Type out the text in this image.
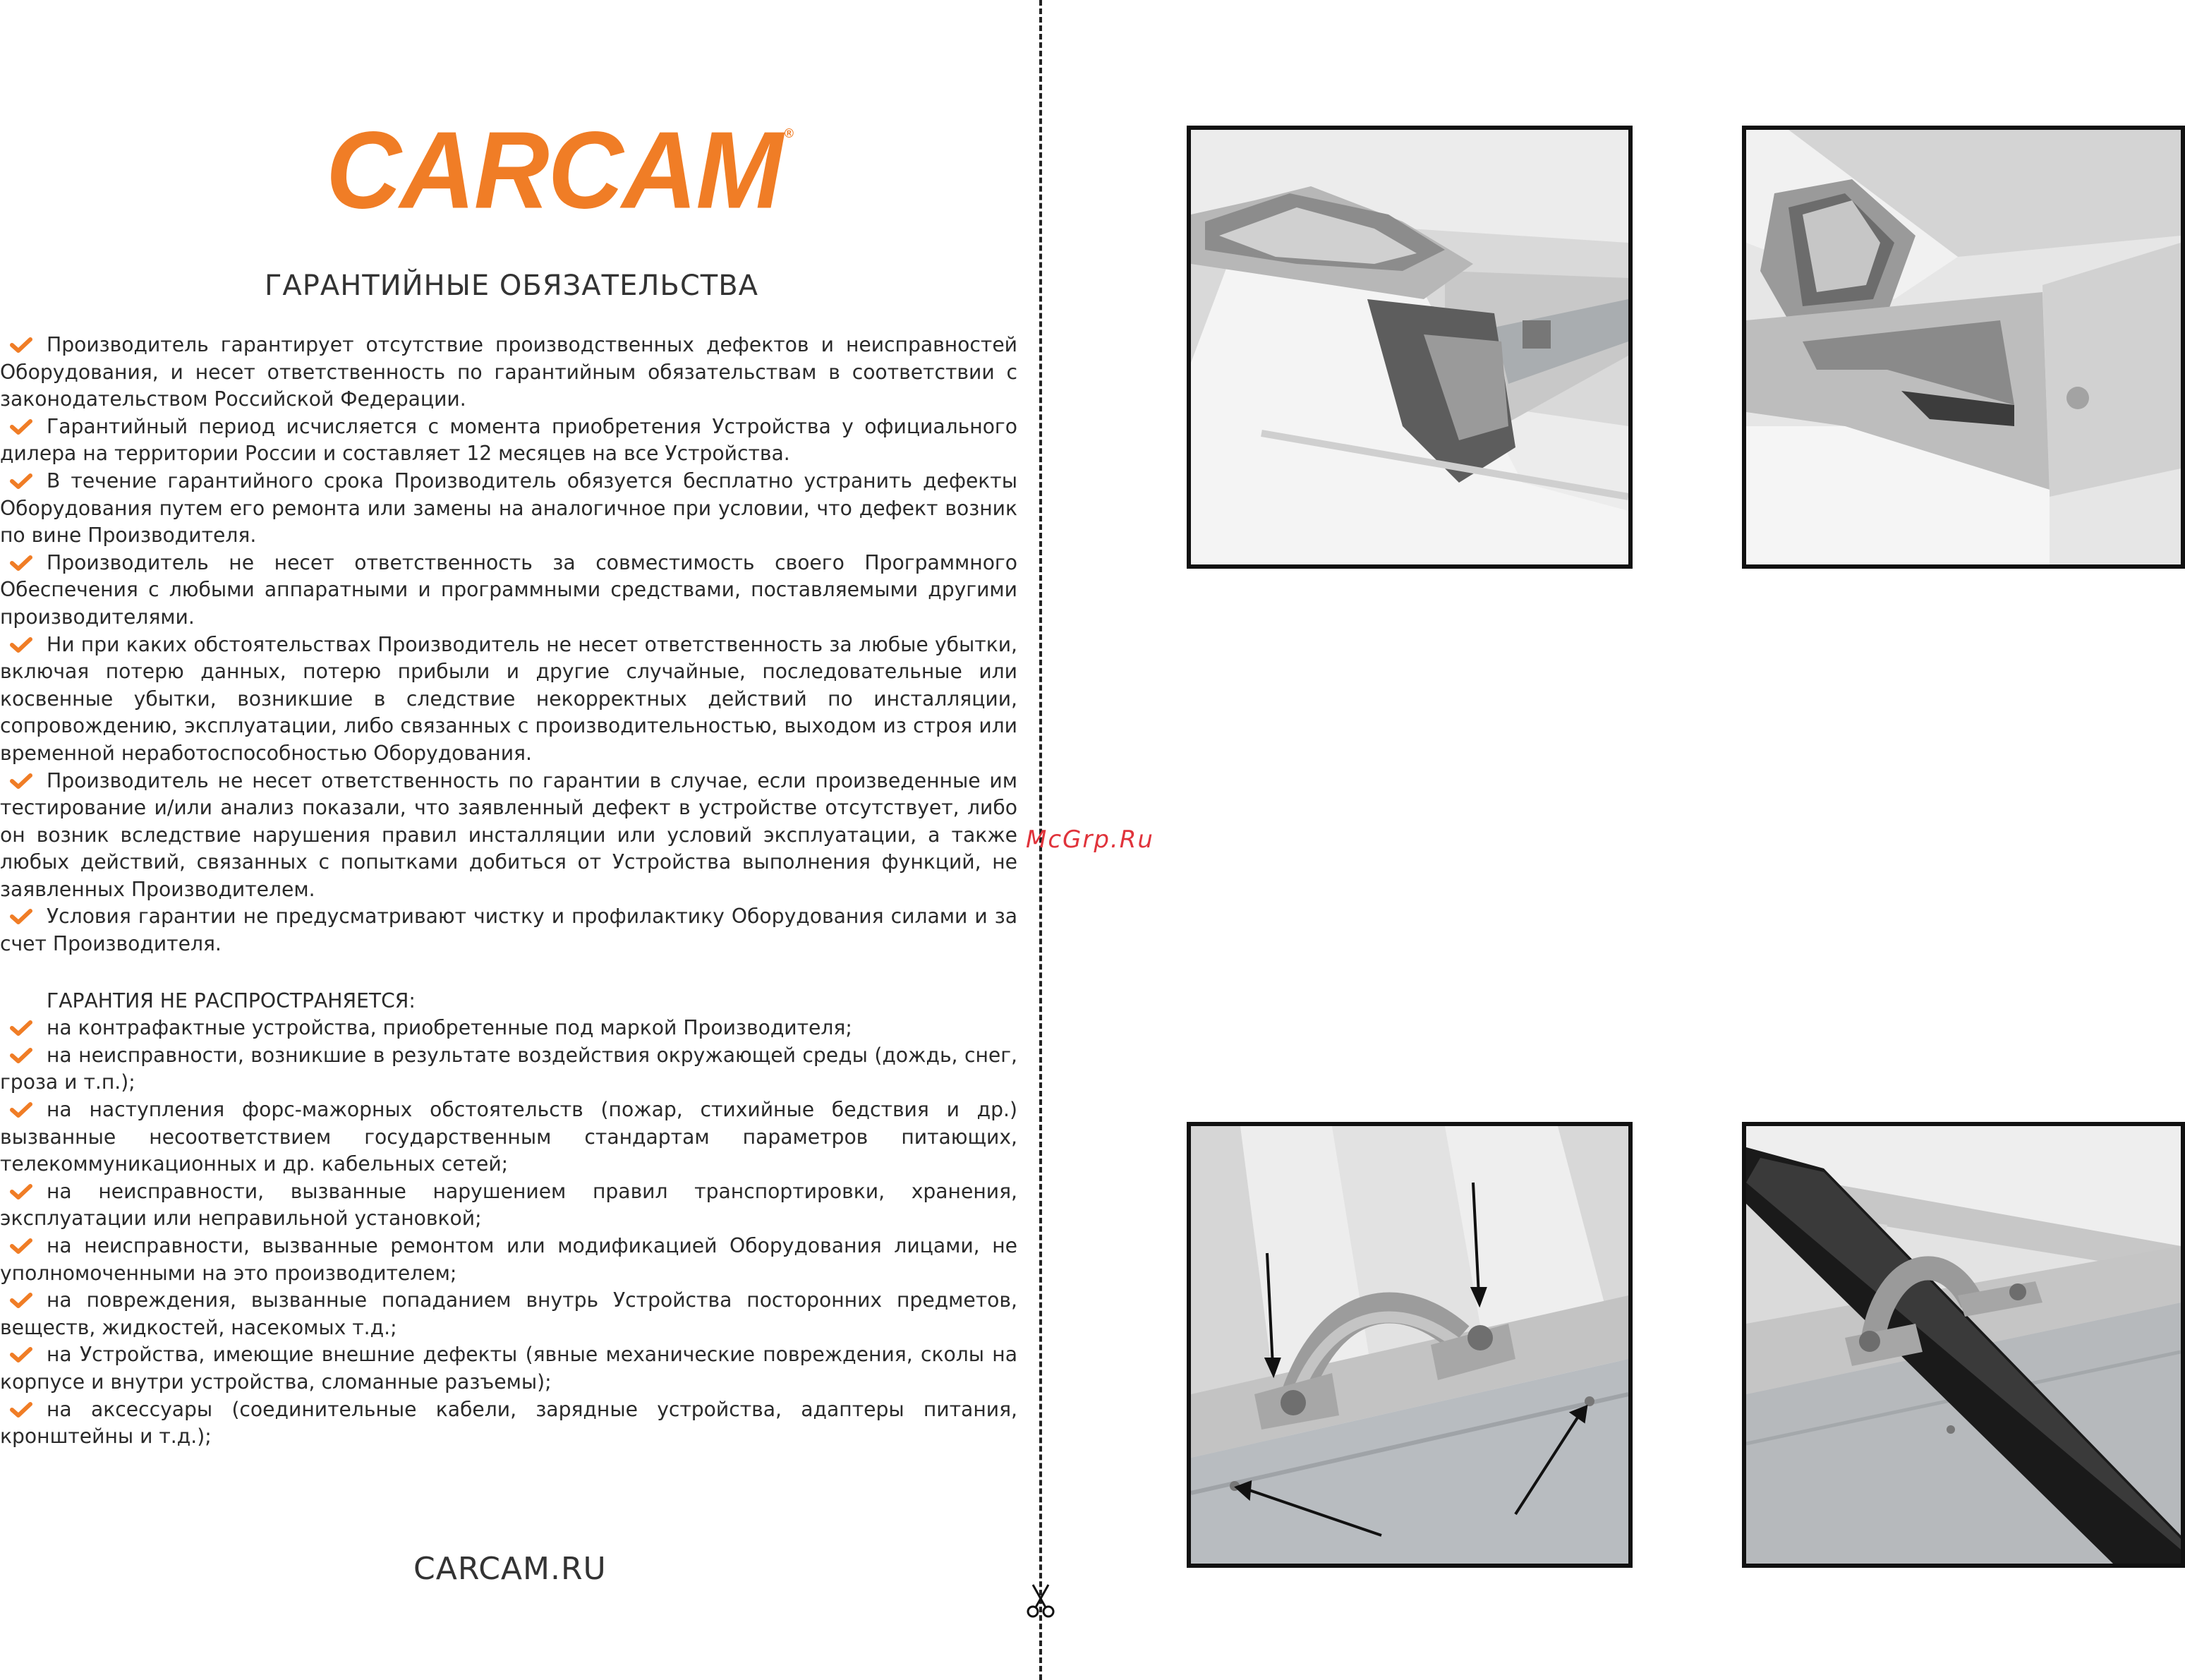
CARCAM ®
ГАРАНТИЙНЫЕ ОБЯЗАТЕЛЬСТВА

Производитель гарантирует отсутствие производственных дефектов и неисправностей Оборудования, и несет ответственность по гарантийным обязательствам в соответствии с законодательством Российской Федерации.

Гарантийный период исчисляется с момента приобретения Устройства у официального дилера на территории России и составляет 12 месяцев на все Устройства.

В течение гарантийного срока Производитель обязуется бесплатно устранить дефекты Оборудования путем его ремонта или замены на аналогичное при условии, что дефект возник по вине Производителя.

Производитель не несет ответственность за совместимость своего Программного Обеспечения с любыми аппаратными и программными средствами, поставляемыми другими производителями.

Ни при каких обстоятельствах Производитель не несет ответственность за любые убытки, включая потерю данных, потерю прибыли и другие случайные, последовательные или косвенные убытки, возникшие в следствие некорректных действий по инсталляции, сопровождению, эксплуатации, либо связанных с производительностью, выходом из строя или временной неработоспособностью Оборудования.

Производитель не несет ответственность по гарантии в случае, если произведенные им тестирование и/или анализ показали, что заявленный дефект в устройстве отсутствует, либо он возник вследствие нарушения правил инсталляции или условий эксплуатации, а также любых действий, связанных с попытками добиться от Устройства выполнения функций, не заявленных Производителем.

Условия гарантии не предусматривают чистку и профилактику Оборудования силами и за счет Производителя.

ГАРАНТИЯ НЕ РАСПРОСТРАНЯЕТСЯ:

на контрафактные устройства, приобретенные под маркой Производителя;

на неисправности, возникшие в результате воздействия окружающей среды (дождь, снег, гроза и т.п.);

на наступления форс-мажорных обстоятельств (пожар, стихийные бедствия и др.) вызванные несоответствием государственным стандартам параметров питающих, телекоммуникационных и др. кабельных сетей;

на неисправности, вызванные нарушением правил транспортировки, хранения, эксплуатации или неправильной установкой;

на неисправности, вызванные ремонтом или модификацией Оборудования лицами, не уполномоченными на это производителем;

на повреждения, вызванные попаданием внутрь Устройства посторонних предметов, веществ, жидкостей, насекомых т.д.;

на Устройства, имеющие внешние дефекты (явные механические повреждения, сколы на корпусе и внутри устройства, сломанные разъемы);

на аксессуары (соединительные кабели, зарядные устройства, адаптеры питания, кронштейны и т.д.);

CARCAM.RU
McGrp.Ru
